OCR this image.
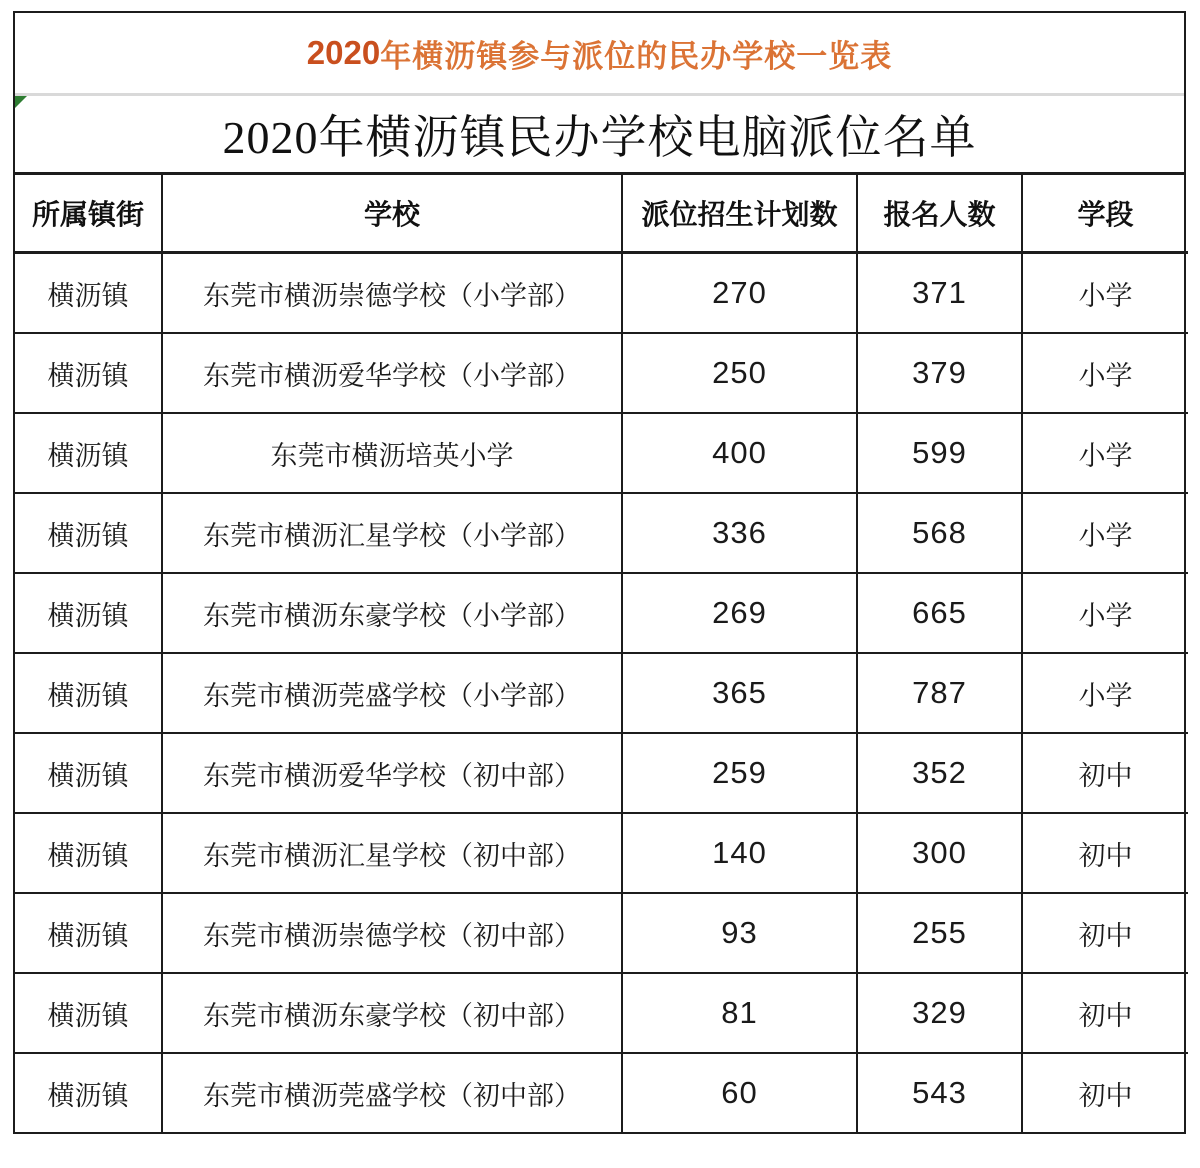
2020 年横沥镇参与派位的民办学校一览表
2020年横沥镇民办学校电脑派位名单
所属镇街	学校	派位招生计划数	报名人数	学段
横沥镇	东莞市横沥崇德学校（小学部）	270	371	小学
横沥镇	东莞市横沥爱华学校（小学部）	250	379	小学
横沥镇	东莞市横沥培英小学	400	599	小学
横沥镇	东莞市横沥汇星学校（小学部）	336	568	小学
横沥镇	东莞市横沥东豪学校（小学部）	269	665	小学
横沥镇	东莞市横沥莞盛学校（小学部）	365	787	小学
横沥镇	东莞市横沥爱华学校（初中部）	259	352	初中
横沥镇	东莞市横沥汇星学校（初中部）	140	300	初中
横沥镇	东莞市横沥崇德学校（初中部）	93	255	初中
横沥镇	东莞市横沥东豪学校（初中部）	81	329	初中
横沥镇	东莞市横沥莞盛学校（初中部）	60	543	初中
